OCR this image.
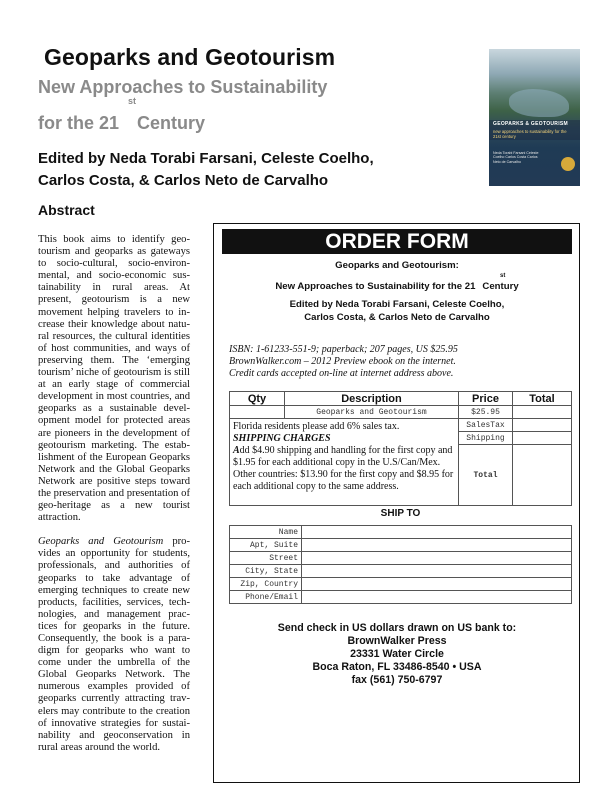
Geoparks and Geotourism
New Approaches to Sustainability
st
for the 21 Century
Edited by Neda Torabi Farsani, Celeste Coelho,
Carlos Costa, & Carlos Neto de Carvalho
GEOPARKS & GEOTOURISM
new approaches to sustainability for the 21st century
Neda Torabi Farsani Celeste Coelho Carlos Costa Carlos Neto de Carvalho
Abstract

This book aims to identify geo-tourism and geoparks as gateways to socio-cultural, socio-environ-mental, and socio-economic sus-tainability in rural areas. At present, geotourism is a new movement helping travelers to in-crease their knowledge about natu-ral resources, the cultural identities of host communities, and ways of preserving them. The ‘emerging tourism’ niche of geotourism is still at an early stage of commercial development in most countries, and geoparks as a sustainable devel-opment model for protected areas are pioneers in the development of geotourism marketing. The estab-lishment of the European Geoparks Network and the Global Geoparks Network are positive steps toward the preservation and presentation of geo-heritage as a new tourist attraction.

Geoparks and Geotourism pro-vides an opportunity for students, professionals, and authorities of geoparks to take advantage of emerging techniques to create new products, facilities, services, tech-nologies, and management prac-tices for geoparks in the future. Consequently, the book is a para-digm for geoparks who want to come under the umbrella of the Global Geoparks Network. The numerous examples provided of geoparks currently attracting trav-elers may contribute to the creation of innovative strategies for sustai-nability and geoconservation in rural areas around the world.

ORDER FORM
Geoparks and Geotourism:
st
New Approaches to Sustainability for the 21 Century
Edited by Neda Torabi Farsani, Celeste Coelho,
Carlos Costa, & Carlos Neto de Carvalho
ISBN: 1-61233-551-9; paperback; 207 pages, US $25.95
BrownWalker.com – 2012 Preview ebook on the internet.
Credit cards accepted on-line at internet address above.
Qty	Description	Price	Total
	Geoparks and Geotourism	$25.95	

Florida residents please add 6% sales tax.
SHIPPING CHARGES
Add $4.90 shipping and handling for the first copy and $1.95 for each additional copy in the U.S/Can/Mex. Other countries: $13.90 for the first copy and $8.95 for each additional copy to the same address.		SalesTax	
		Shipping	
		Total	
SHIP TO
Name	
Apt, Suite	
Street	
City, State	
Zip, Country	
Phone/Email	
Send check in US dollars drawn on US bank to:
BrownWalker Press
23331 Water Circle
Boca Raton, FL 33486-8540 • USA
fax (561) 750-6797
